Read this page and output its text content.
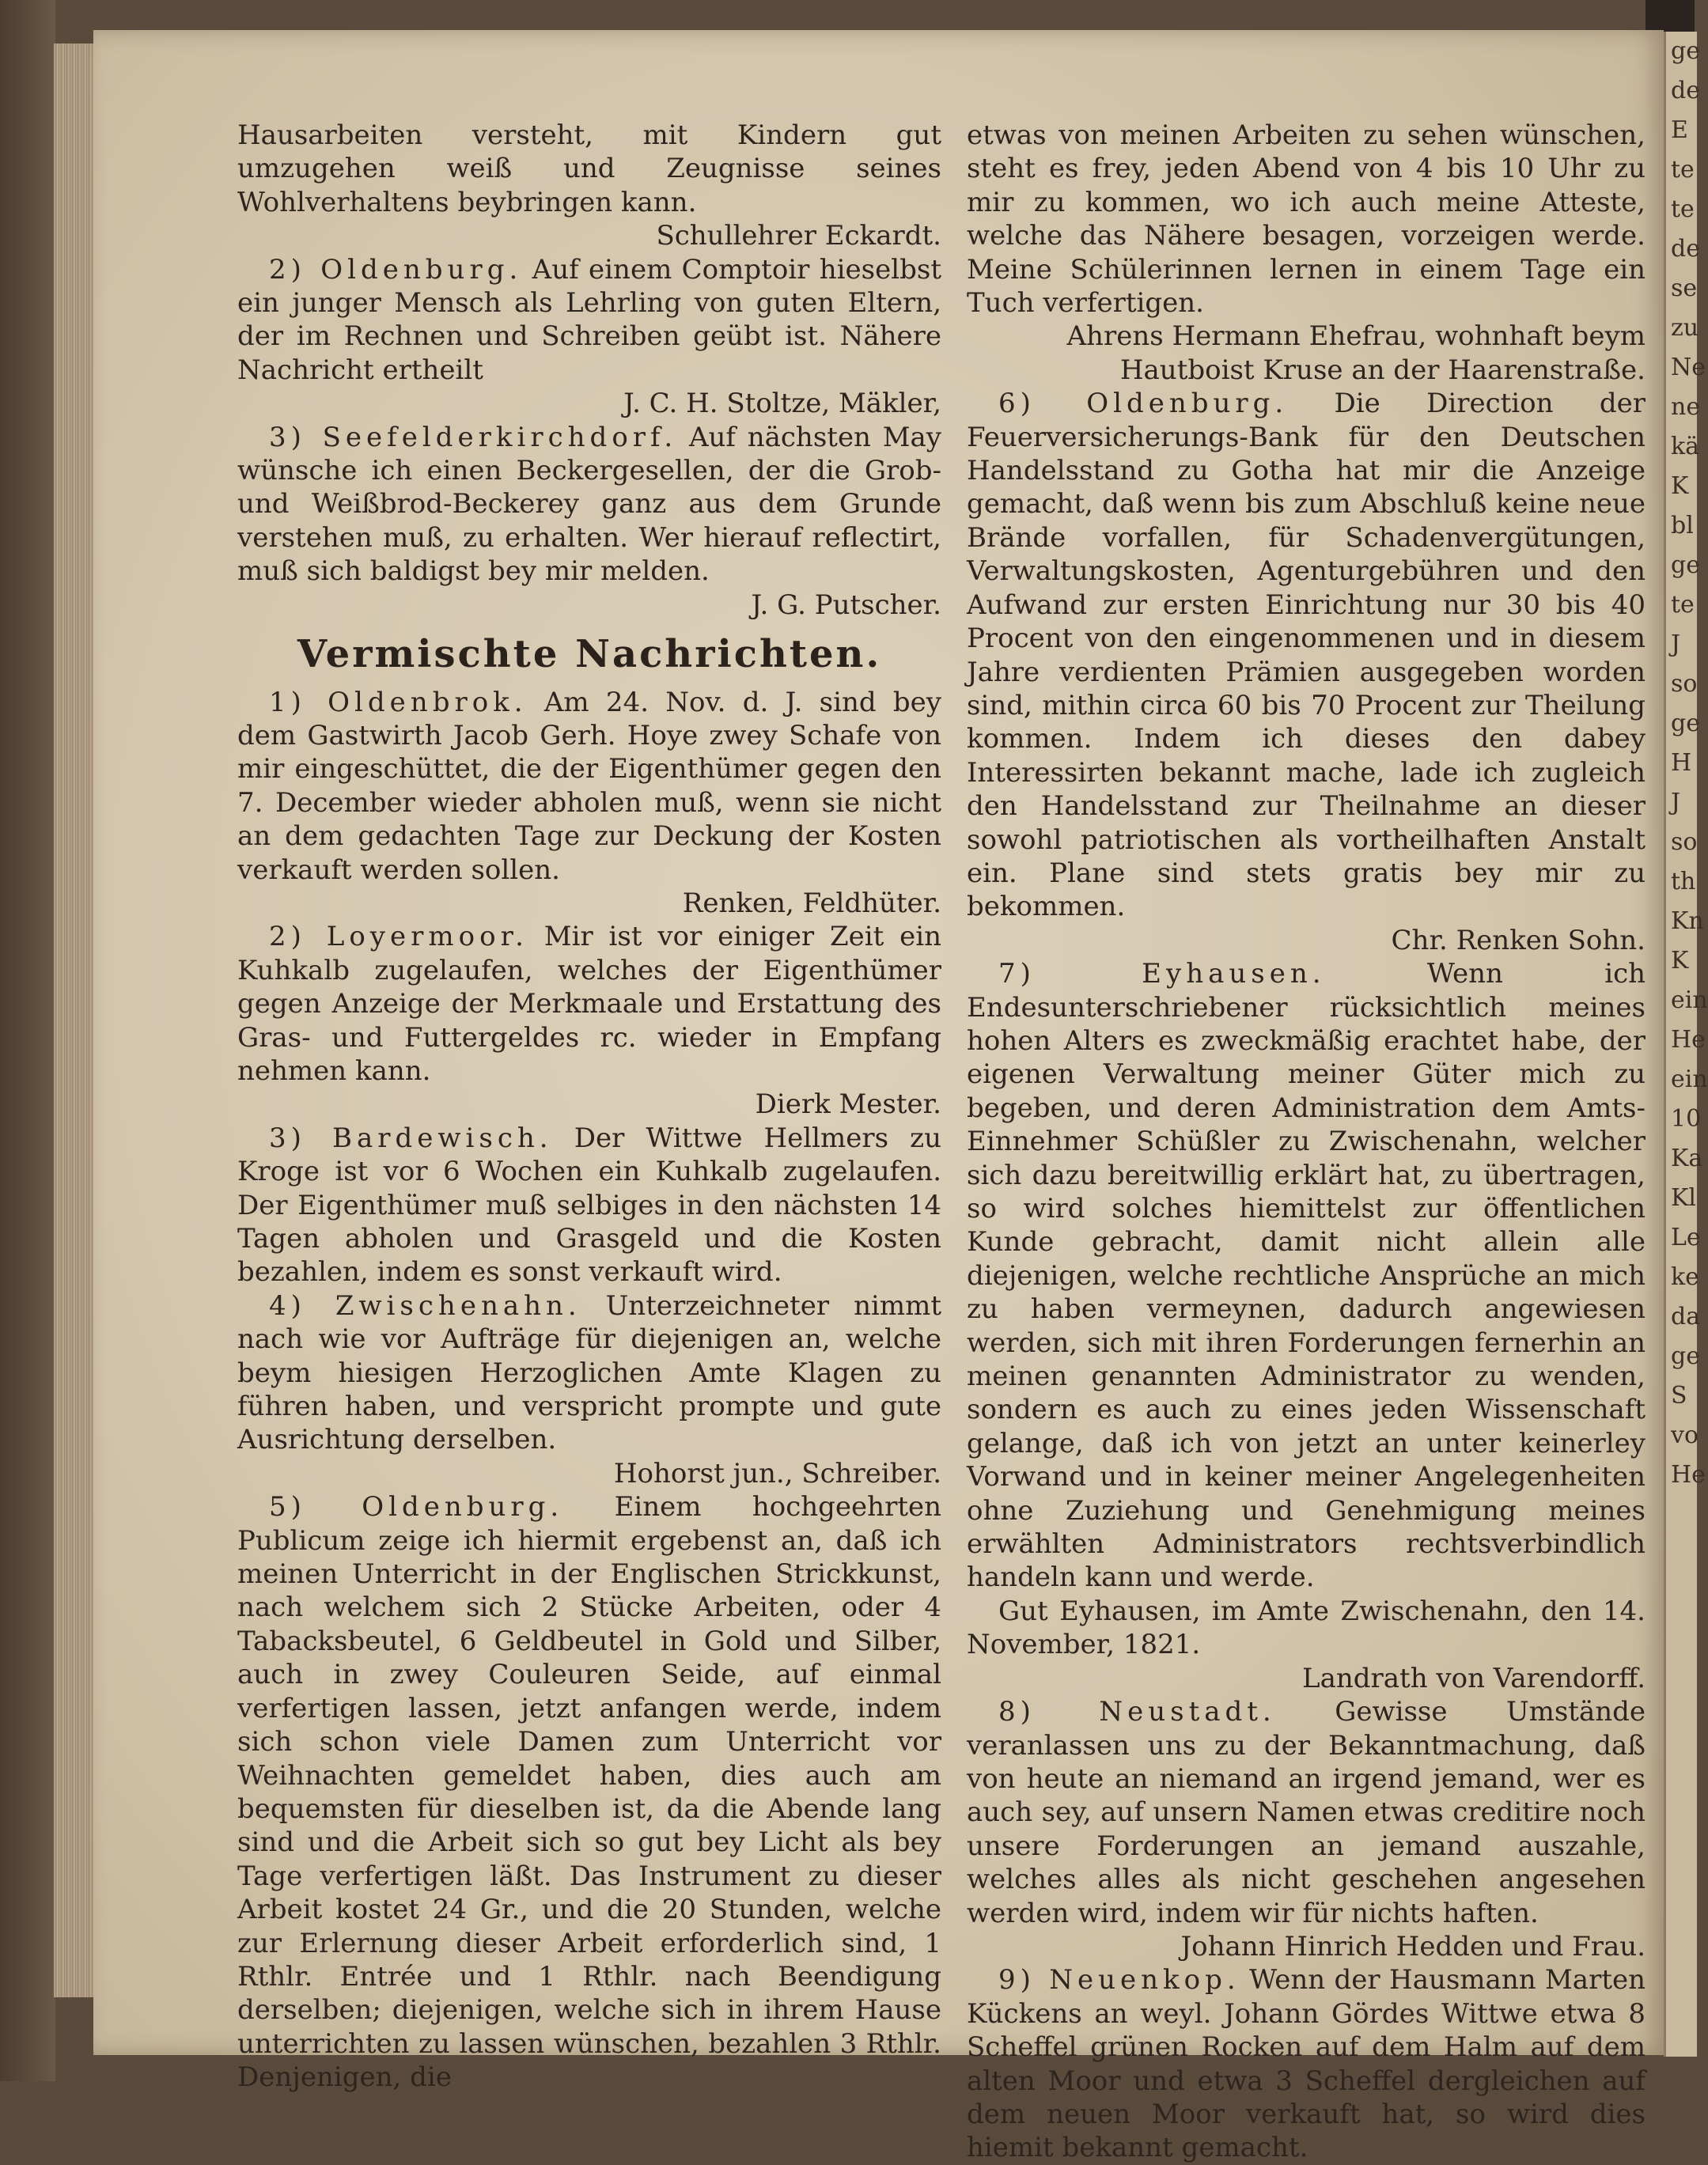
ge
de
E
te
te
de
se
zu
Ne
ne
kä
K
bl
ge
te
J
so
ge
H
J
so
th
Kn
K
ein
He
ein
10
Ka
Kl
Le
ke
da
ge
S
vo
He

Hausarbeiten versteht, mit Kindern gut umzugehen weiß und Zeugnisse seines Wohlverhaltens beybringen kann.

Schullehrer Eckardt.

2) Oldenburg. Auf einem Comptoir hieselbst ein junger Mensch als Lehrling von guten Eltern, der im Rechnen und Schreiben geübt ist. Nähere Nachricht ertheilt

J. C. H. Stoltze, Mäkler,

3) Seefelderkirchdorf. Auf nächsten May wünsche ich einen Beckergesellen, der die Grob- und Weißbrod-Beckerey ganz aus dem Grunde verstehen muß, zu erhalten. Wer hierauf reflectirt, muß sich baldigst bey mir melden.

J. G. Putscher.

Vermischte Nachrichten.

1) Oldenbrok. Am 24. Nov. d. J. sind bey dem Gastwirth Jacob Gerh. Hoye zwey Schafe von mir eingeschüttet, die der Eigenthümer gegen den 7. December wieder abholen muß, wenn sie nicht an dem gedachten Tage zur Deckung der Kosten verkauft werden sollen.

Renken, Feldhüter.

2) Loyermoor. Mir ist vor einiger Zeit ein Kuhkalb zugelaufen, welches der Eigenthümer gegen Anzeige der Merkmaale und Erstattung des Gras- und Futtergeldes rc. wieder in Empfang nehmen kann.

Dierk Mester.

3) Bardewisch. Der Wittwe Hellmers zu Kroge ist vor 6 Wochen ein Kuhkalb zugelaufen. Der Eigenthümer muß selbiges in den nächsten 14 Tagen abholen und Grasgeld und die Kosten bezahlen, indem es sonst verkauft wird.

4) Zwischenahn. Unterzeichneter nimmt nach wie vor Aufträge für diejenigen an, welche beym hiesigen Herzoglichen Amte Klagen zu führen haben, und verspricht prompte und gute Ausrichtung derselben.

Hohorst jun., Schreiber.

5) Oldenburg. Einem hochgeehrten Publicum zeige ich hiermit ergebenst an, daß ich meinen Unterricht in der Englischen Strickkunst, nach welchem sich 2 Stücke Arbeiten, oder 4 Tabacksbeutel, 6 Geldbeutel in Gold und Silber, auch in zwey Couleuren Seide, auf einmal verfertigen lassen, jetzt anfangen werde, indem sich schon viele Damen zum Unterricht vor Weihnachten gemeldet haben, dies auch am bequemsten für dieselben ist, da die Abende lang sind und die Arbeit sich so gut bey Licht als bey Tage verfertigen läßt. Das Instrument zu dieser Arbeit kostet 24 Gr., und die 20 Stunden, welche zur Erlernung dieser Arbeit erforderlich sind, 1 Rthlr. Entrée und 1 Rthlr. nach Beendigung derselben; diejenigen, welche sich in ihrem Hause unterrichten zu lassen wünschen, bezahlen 3 Rthlr. Denjenigen, die

etwas von meinen Arbeiten zu sehen wünschen, steht es frey, jeden Abend von 4 bis 10 Uhr zu mir zu kommen, wo ich auch meine Atteste, welche das Nähere besagen, vorzeigen werde. Meine Schülerinnen lernen in einem Tage ein Tuch verfertigen.

Ahrens Hermann Ehefrau, wohnhaft beym Hautboist Kruse an der Haarenstraße.

6) Oldenburg. Die Direction der Feuerversicherungs-Bank für den Deutschen Handelsstand zu Gotha hat mir die Anzeige gemacht, daß wenn bis zum Abschluß keine neue Brände vorfallen, für Schadenvergütungen, Verwaltungskosten, Agenturgebühren und den Aufwand zur ersten Einrichtung nur 30 bis 40 Procent von den eingenommenen und in diesem Jahre verdienten Prämien ausgegeben worden sind, mithin circa 60 bis 70 Procent zur Theilung kommen. Indem ich dieses den dabey Interessirten bekannt mache, lade ich zugleich den Handelsstand zur Theilnahme an dieser sowohl patriotischen als vortheilhaften Anstalt ein. Plane sind stets gratis bey mir zu bekommen.

Chr. Renken Sohn.

7) Eyhausen.	Wenn ich Endesunterschriebener rücksichtlich meines hohen Alters es zweckmäßig erachtet habe, der eigenen Verwaltung meiner Güter mich zu begeben, und deren Administration dem Amts-Einnehmer Schüßler zu Zwischenahn, welcher sich dazu bereitwillig erklärt hat, zu übertragen, so wird solches hiemittelst zur öffentlichen Kunde gebracht, damit nicht allein alle diejenigen, welche rechtliche Ansprüche an mich zu haben vermeynen, dadurch angewiesen werden, sich mit ihren Forderungen fernerhin an meinen genannten Administrator zu wenden, sondern es auch zu eines jeden Wissenschaft gelange, daß ich von jetzt an unter keinerley Vorwand und in keiner meiner Angelegenheiten ohne Zuziehung und Genehmigung meines erwählten Administrators rechtsverbindlich handeln kann und werde.

Gut Eyhausen, im Amte Zwischenahn, den 14. November, 1821.

Landrath von Varendorff.

8) Neustadt. Gewisse Umstände veranlassen uns zu der Bekanntmachung, daß von heute an niemand an irgend jemand, wer es auch sey, auf unsern Namen etwas creditire noch unsere Forderungen an jemand auszahle, welches alles als nicht geschehen angesehen werden wird, indem wir für nichts haften.

Johann Hinrich Hedden und Frau.

9) Neuenkop. Wenn der Hausmann Marten Kückens an weyl. Johann Gördes Wittwe etwa 8 Scheffel grünen Rocken auf dem Halm auf dem alten Moor und etwa 3 Scheffel dergleichen auf dem neuen Moor verkauft hat, so wird dies hiemit bekannt gemacht.
